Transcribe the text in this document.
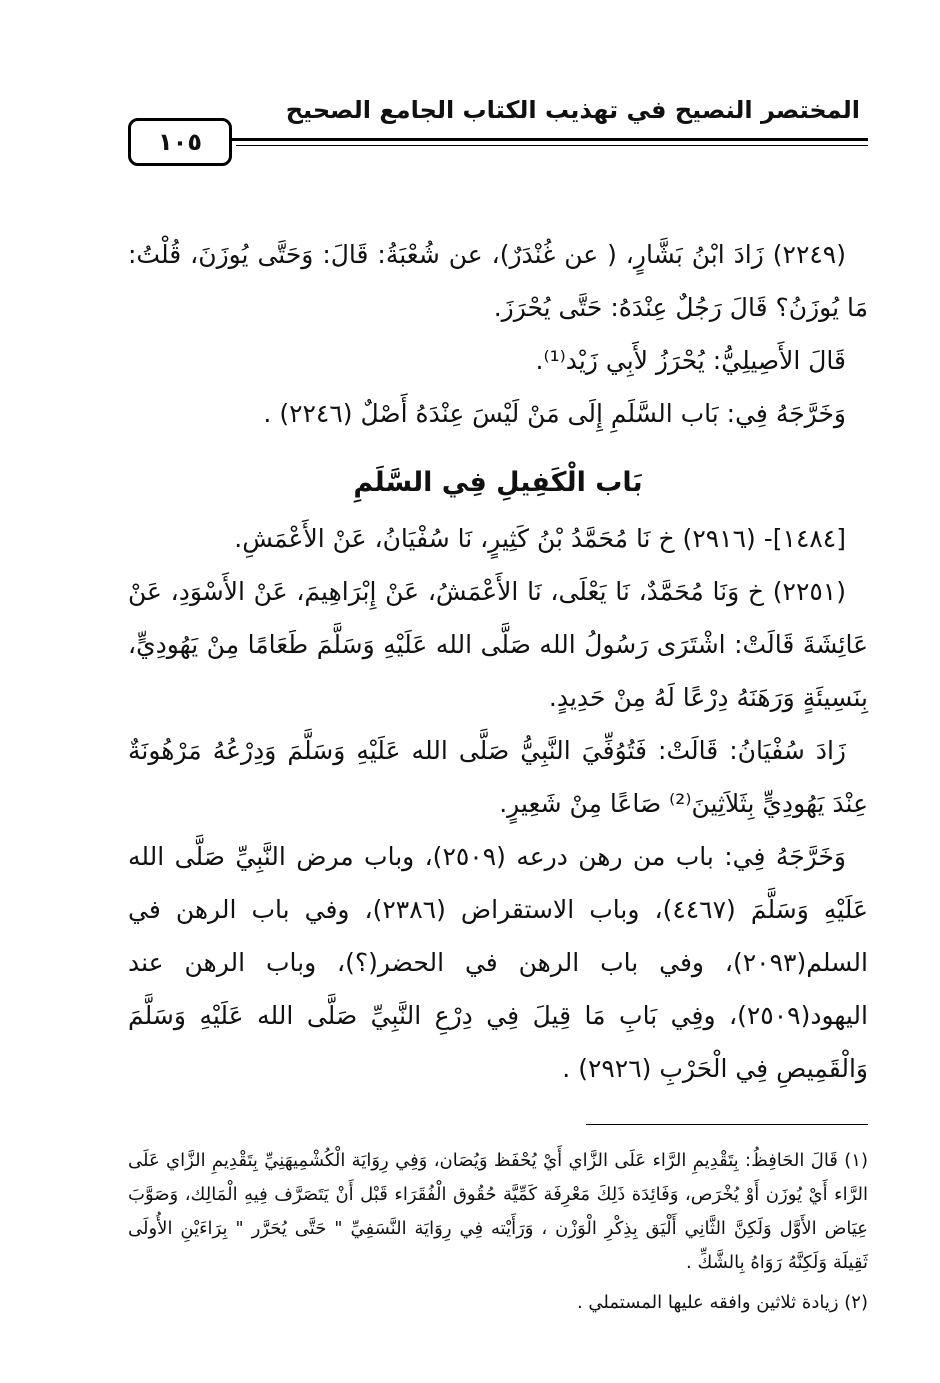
المختصر النصيح في تهذيب الكتاب الجامع الصحيح
١٠٥

(٢٢٤٩) زَادَ ابْنُ بَشَّارٍ، ( عن غُنْدَرٌ)، عن شُعْبَةُ: قَالَ: وَحَتَّى يُوزَنَ، قُلْتُ: مَا يُوزَنُ؟ قَالَ رَجُلٌ عِنْدَهُ: حَتَّى يُحْرَزَ.

قَالَ الأَصِيلِيُّ: يُحْرَزُ لأَبِي زَيْد⁽¹⁾.

وَخَرَّجَهُ فِي: بَاب السَّلَمِ إِلَى مَنْ لَيْسَ عِنْدَهُ أَصْلٌ (٢٢٤٦) .

بَاب الْكَفِيلِ فِي السَّلَمِ

[١٤٨٤]- (٢٩١٦) خ نَا مُحَمَّدُ بْنُ كَثِيرٍ، نَا سُفْيَانُ، عَنْ الأَعْمَشِ.

(٢٢٥١) خ وَنَا مُحَمَّدٌ، نَا يَعْلَى، نَا الأَعْمَشُ، عَنْ إِبْرَاهِيمَ، عَنْ الأَسْوَدِ، عَنْ عَائِشَةَ قَالَتْ: اشْتَرَى رَسُولُ الله صَلَّى الله عَلَيْهِ وَسَلَّمَ طَعَامًا مِنْ يَهُودِيٍّ، بِنَسِيئَةٍ وَرَهَنَهُ دِرْعًا لَهُ مِنْ حَدِيدٍ.

زَادَ سُفْيَانُ: قَالَتْ: فَتُوُفِّيَ النَّبِيُّ صَلَّى الله عَلَيْهِ وَسَلَّمَ وَدِرْعُهُ مَرْهُونَةٌ عِنْدَ يَهُودِيٍّ بِثَلاَثِينَ⁽²⁾ صَاعًا مِنْ شَعِيرٍ.

وَخَرَّجَهُ فِي: باب من رهن درعه (٢٥٠٩)، وباب مرض النَّبِيِّ صَلَّى الله عَلَيْهِ وَسَلَّمَ (٤٤٦٧)، وباب الاستقراض (٢٣٨٦)، وفي باب الرهن في السلم(٢٠٩٣)، وفي باب الرهن في الحضر(؟)، وباب الرهن عند اليهود(٢٥٠٩)، وفِي بَابِ مَا قِيلَ فِي دِرْعِ النَّبِيِّ صَلَّى الله عَلَيْهِ وَسَلَّمَ وَالْقَمِيصِ فِي الْحَرْبِ (٢٩٢٦) .

(١) قَالَ الحَافِظُ: بِتَقْدِيمِ الرَّاء عَلَى الزَّاي أَيْ يُحْفَظ وَيُصَان، وَفِي رِوَايَة الْكُشْمِيهَنِيِّ بِتَقْدِيمِ الزَّاي عَلَى الرَّاء أَيْ يُوزَن أَوْ يُخْرَص، وَفَائِدَة ذَلِكَ مَعْرِفَة كَمِّيَّة حُقُوق الْفُقَرَاء قَبْل أَنْ يَتَصَرَّف فِيهِ الْمَالِك، وَصَوَّبَ عِيَاض الأَوَّل وَلَكِنَّ الثَّانِي أَلْيَق بِذِكْرِ الْوَزْن ، وَرَأَيْته فِي رِوَايَة النَّسَفِيِّ " حَتَّى يُحَرَّر " بِرَاءَيْنِ الأُولَى ثَقِيلَة وَلَكِنَّهُ رَوَاهُ بِالشَّكِّ .

(٢) زيادة ثلاثين وافقه عليها المستملي .
